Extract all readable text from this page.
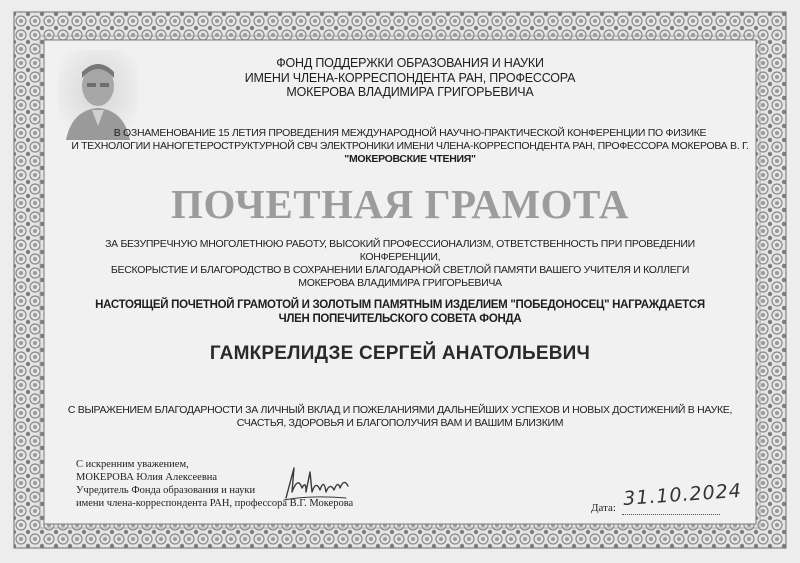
ФОНД ПОДДЕРЖКИ ОБРАЗОВАНИЯ И НАУКИ
ИМЕНИ ЧЛЕНА-КОРРЕСПОНДЕНТА РАН, ПРОФЕССОРА
МОКЕРОВА ВЛАДИМИРА ГРИГОРЬЕВИЧА
В ОЗНАМЕНОВАНИЕ 15 ЛЕТИЯ ПРОВЕДЕНИЯ МЕЖДУНАРОДНОЙ НАУЧНО-ПРАКТИЧЕСКОЙ КОНФЕРЕНЦИИ ПО ФИЗИКЕ
И ТЕХНОЛОГИИ НАНОГЕТЕРОСТРУКТУРНОЙ СВЧ ЭЛЕКТРОНИКИ ИМЕНИ ЧЛЕНА-КОРРЕСПОНДЕНТА РАН, ПРОФЕССОРА МОКЕРОВА В. Г.
"МОКЕРОВСКИЕ ЧТЕНИЯ"
ПОЧЕТНАЯ ГРАМОТА
ЗА БЕЗУПРЕЧНУЮ МНОГОЛЕТНЮЮ РАБОТУ, ВЫСОКИЙ ПРОФЕССИОНАЛИЗМ, ОТВЕТСТВЕННОСТЬ ПРИ ПРОВЕДЕНИИ КОНФЕРЕНЦИИ,
БЕСКОРЫСТИЕ И БЛАГОРОДСТВО В СОХРАНЕНИИ БЛАГОДАРНОЙ СВЕТЛОЙ ПАМЯТИ ВАШЕГО УЧИТЕЛЯ И КОЛЛЕГИ
МОКЕРОВА ВЛАДИМИРА ГРИГОРЬЕВИЧА
НАСТОЯЩЕЙ ПОЧЕТНОЙ ГРАМОТОЙ И ЗОЛОТЫМ ПАМЯТНЫМ ИЗДЕЛИЕМ "ПОБЕДОНОСЕЦ" НАГРАЖДАЕТСЯ
ЧЛЕН ПОПЕЧИТЕЛЬСКОГО СОВЕТА ФОНДА
ГАМКРЕЛИДЗЕ СЕРГЕЙ АНАТОЛЬЕВИЧ
С ВЫРАЖЕНИЕМ БЛАГОДАРНОСТИ ЗА ЛИЧНЫЙ ВКЛАД И ПОЖЕЛАНИЯМИ ДАЛЬНЕЙШИХ УСПЕХОВ И НОВЫХ ДОСТИЖЕНИЙ В НАУКЕ,
СЧАСТЬЯ, ЗДОРОВЬЯ И БЛАГОПОЛУЧИЯ ВАМ И ВАШИМ БЛИЗКИМ
С искренним уважением,
МОКЕРОВА Юлия Алексеевна
Учредитель Фонда образования и науки
имени члена-корреспондента РАН, профессора В.Г. Мокерова	Дата: 31.10.2024
